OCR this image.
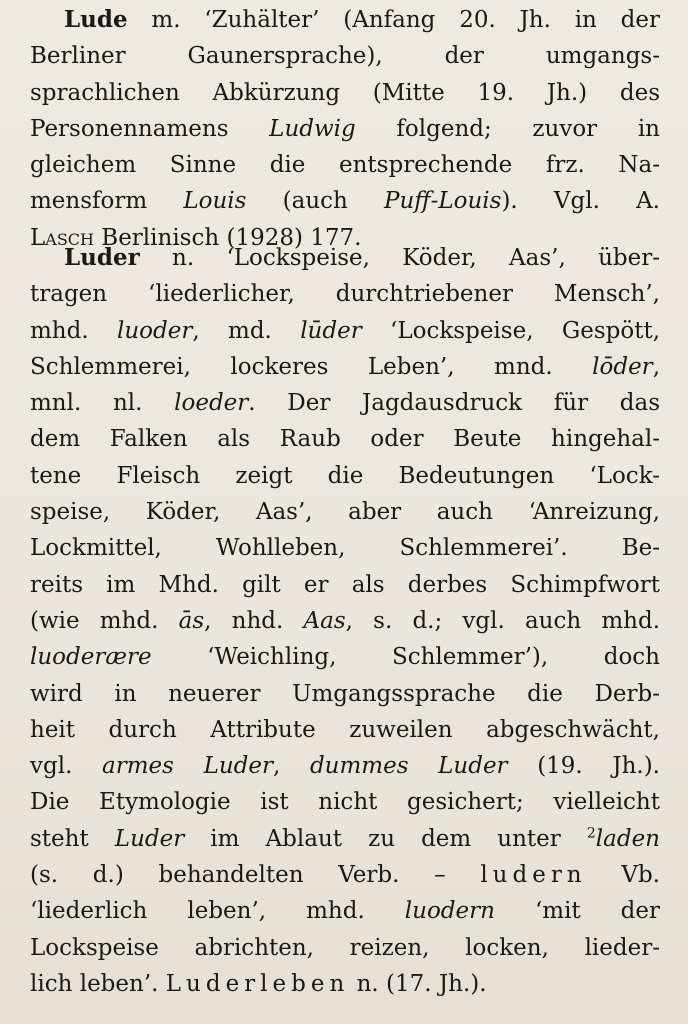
Lude m. ‘Zuhälter’ (Anfang 20. Jh. in der
Berliner Gaunersprache), der umgangs-
sprachlichen Abkürzung (Mitte 19. Jh.) des
Personennamens Ludwig folgend; zuvor in
gleichem Sinne die entsprechende frz. Na-
mensform Louis (auch Puff-Louis). Vgl. A.
Lasch Berlinisch (1928) 177.
Luder n. ‘Lockspeise, Köder, Aas’, über-
tragen ‘liederlicher, durchtriebener Mensch’,
mhd. luoder, md. lūder ‘Lockspeise, Gespött,
Schlemmerei, lockeres Leben’, mnd. lōder,
mnl. nl. loeder. Der Jagdausdruck für das
dem Falken als Raub oder Beute hingehal-
tene Fleisch zeigt die Bedeutungen ‘Lock-
speise, Köder, Aas’, aber auch ‘Anreizung,
Lockmittel, Wohlleben, Schlemmerei’. Be-
reits im Mhd. gilt er als derbes Schimpfwort
(wie mhd. ās, nhd. Aas, s. d.; vgl. auch mhd.
luoderære ‘Weichling, Schlemmer’), doch
wird in neuerer Umgangssprache die Derb-
heit durch Attribute zuweilen abgeschwächt,
vgl. armes Luder, dummes Luder (19. Jh.).
Die Etymologie ist nicht gesichert; vielleicht
steht Luder im Ablaut zu dem unter $^2$laden
(s. d.) behandelten Verb. – ludern Vb.
‘liederlich leben’, mhd. luodern ‘mit der
Lockspeise abrichten, reizen, locken, lieder-
lich leben’. Luderleben n. (17. Jh.).
